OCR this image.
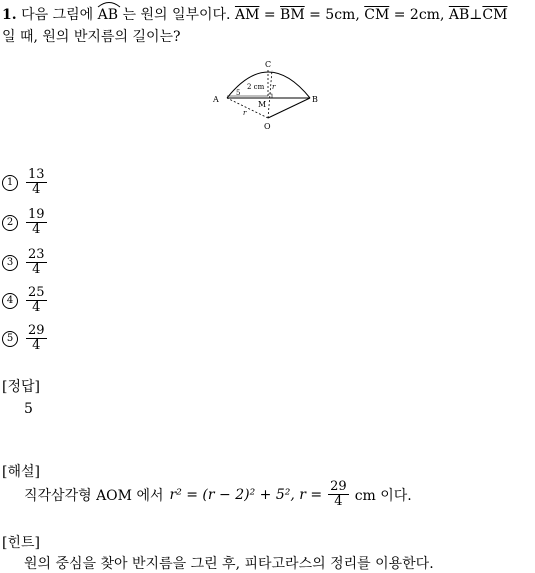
1. 다음 그림에 AB 는 원의 일부이다. $\overline{AM} = \overline{BM} = 5cm$, $\overline{CM} = 2cm$, $\overline{AB}\perp\overline{CM}$
일 때, 원의 반지름의 길이는?
C
A	B
M
O
2 cm
5
r
r
$1 \frac{13}{4}$
$2 \frac{19}{4}$
$3 \frac{23}{4}$
$4 \frac{25}{4}$
$5 \frac{29}{4}$
[정답]
5
[해설]
직각삼각형 AOM 에서 r² = (r − 2)² + 5², $r = \frac{29}{4}$ cm 이다.
[힌트]
원의 중심을 찾아 반지름을 그린 후, 피타고라스의 정리를 이용한다.
